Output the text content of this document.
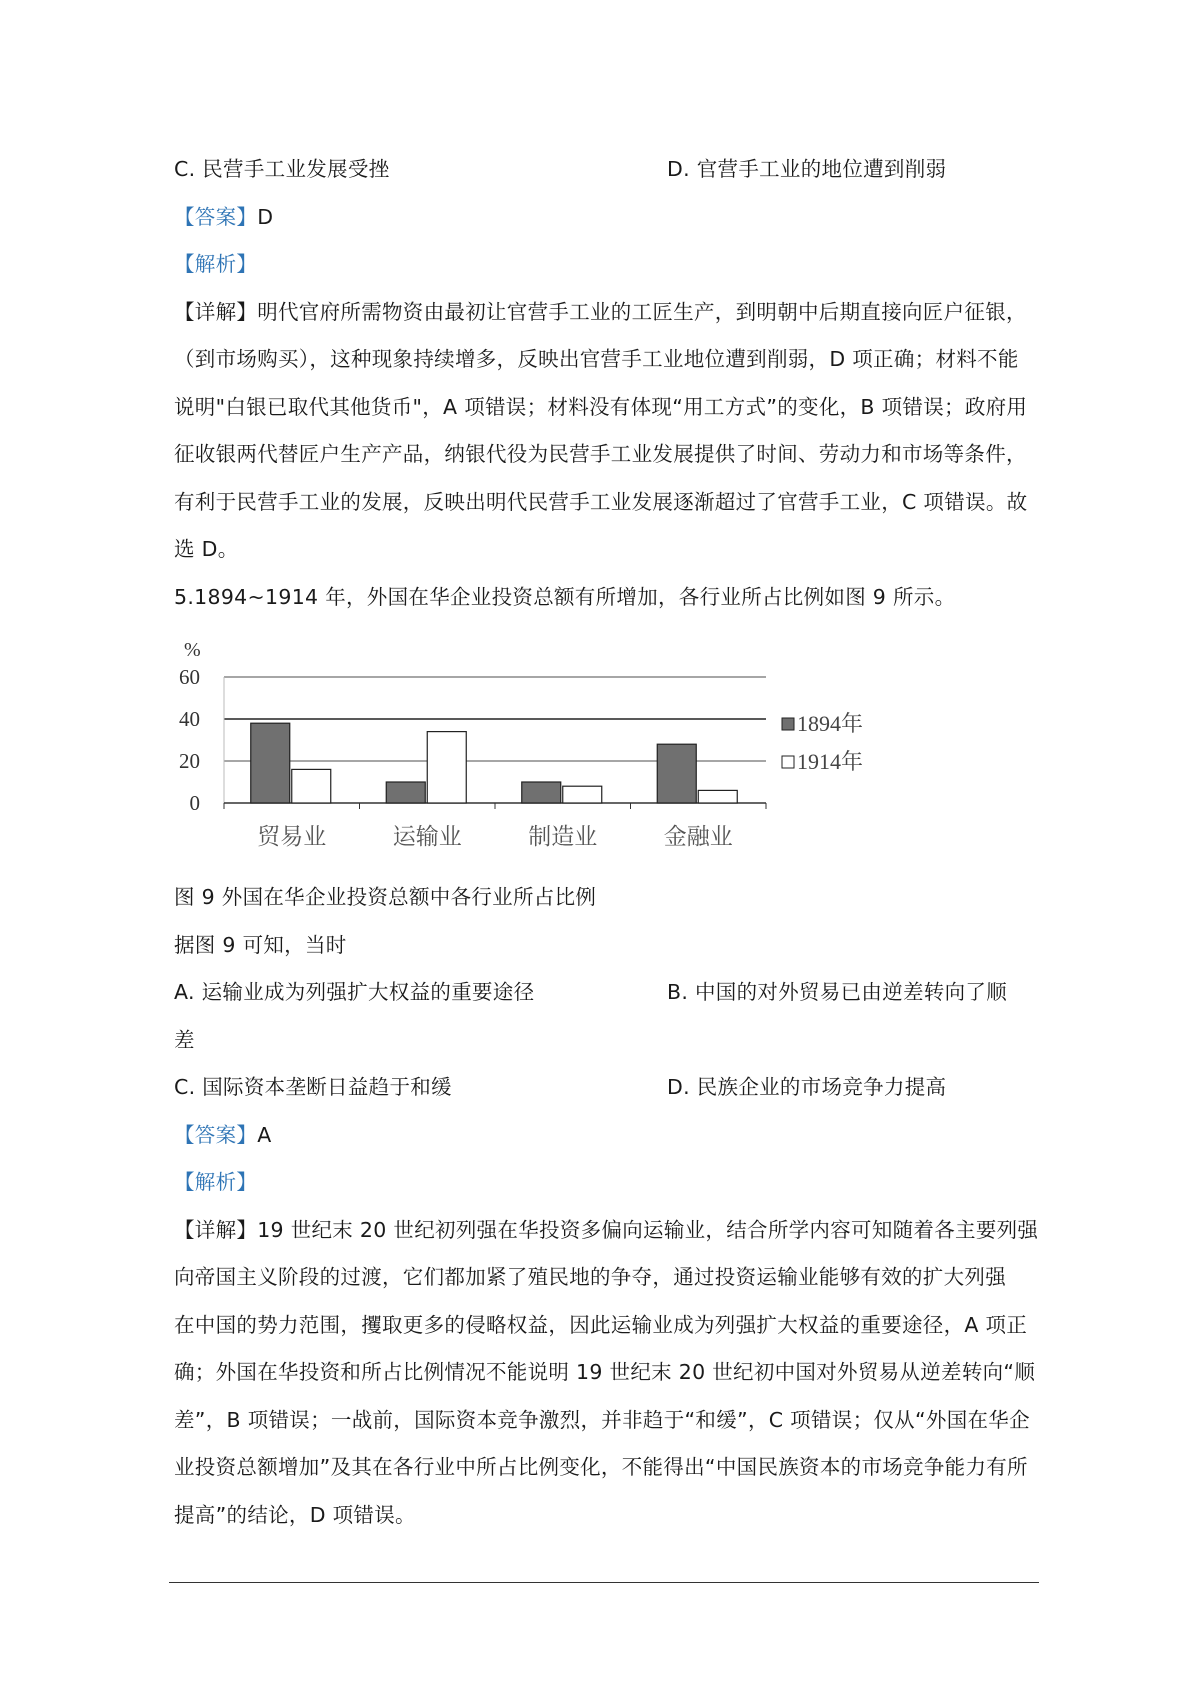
C. 民营手工业发展受挫	D. 官营手工业的地位遭到削弱
【答案】D
【解析】
【详解】明代官府所需物资由最初让官营手工业的工匠生产，到明朝中后期直接向匠户征银，
（到市场购买），这种现象持续增多，反映出官营手工业地位遭到削弱，D 项正确；材料不能
说明"白银已取代其他货币"，A 项错误；材料没有体现“用工方式”的变化，B 项错误；政府用
征收银两代替匠户生产产品，纳银代役为民营手工业发展提供了时间、劳动力和市场等条件，
有利于民营手工业的发展，反映出明代民营手工业发展逐渐超过了官营手工业，C 项错误。故
选 D。
5.1894~1914 年，外国在华企业投资总额有所增加，各行业所占比例如图 9 所示。
%
0
20
40
60
贸易业	运输业	制造业	金融业
1894年
1914年
图 9 外国在华企业投资总额中各行业所占比例
据图 9 可知，当时
A. 运输业成为列强扩大权益的重要途径	B. 中国的对外贸易已由逆差转向了顺
差
C. 国际资本垄断日益趋于和缓	D. 民族企业的市场竞争力提高
【答案】A
【解析】
【详解】19 世纪末 20 世纪初列强在华投资多偏向运输业，结合所学内容可知随着各主要列强
向帝国主义阶段的过渡，它们都加紧了殖民地的争夺，通过投资运输业能够有效的扩大列强
在中国的势力范围，攫取更多的侵略权益，因此运输业成为列强扩大权益的重要途径，A 项正
确；外国在华投资和所占比例情况不能说明 19 世纪末 20 世纪初中国对外贸易从逆差转向“顺
差”，B 项错误；一战前，国际资本竞争激烈，并非趋于“和缓”，C 项错误；仅从“外国在华企
业投资总额增加”及其在各行业中所占比例变化，不能得出“中国民族资本的市场竞争能力有所
提高”的结论，D 项错误。
